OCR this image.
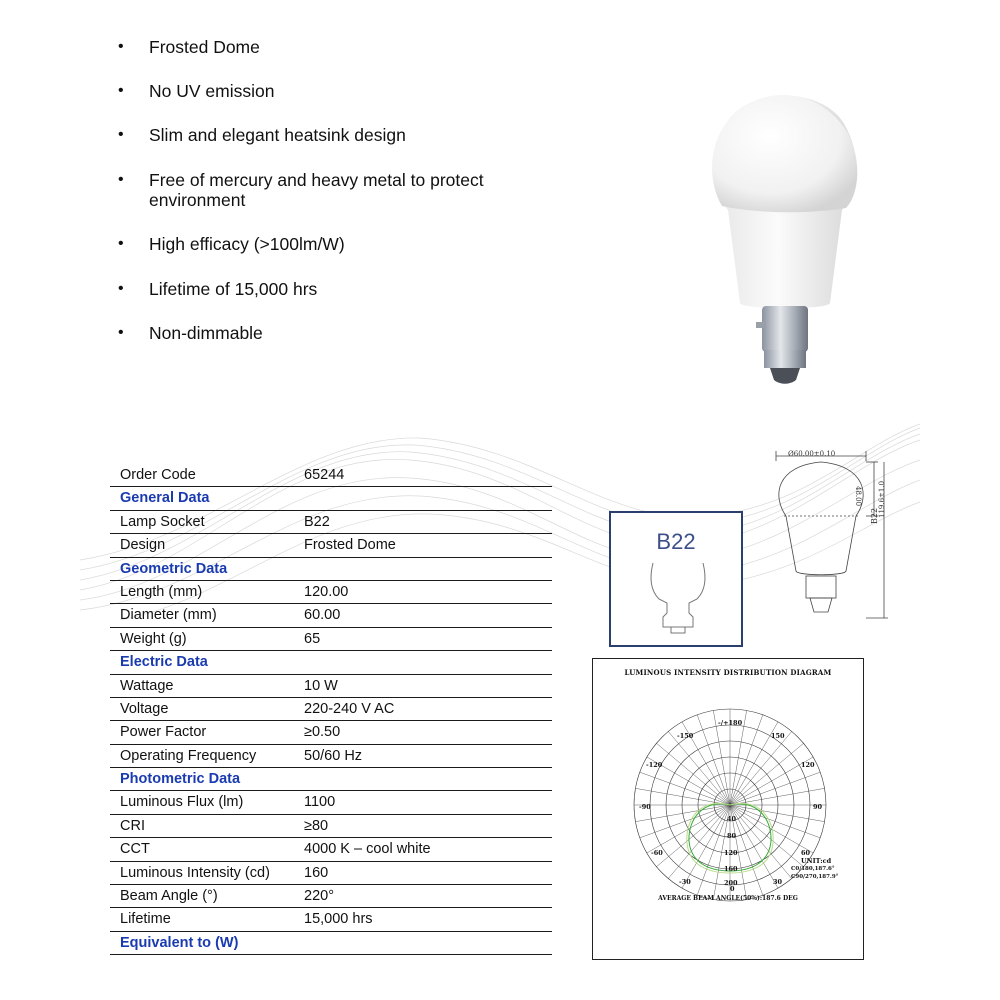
• Frosted Dome
• No UV emission
• Slim and elegant heatsink design
• Free of mercury and heavy metal to protect environment
• High efficacy (>100lm/W)
• Lifetime of 15,000 hrs
• Non-dimmable
Order Code	65244
General Data
Lamp Socket	B22
Design	Frosted Dome
Geometric Data
Length (mm)	120.00
Diameter (mm)	60.00
Weight (g)	65
Electric Data
Wattage	10 W
Voltage	220-240 V AC
Power Factor	≥0.50
Operating Frequency	50/60 Hz
Photometric Data
Luminous Flux (lm)	1100
CRI	≥80
CCT	4000 K – cool white
Luminous Intensity (cd) 160
Beam Angle (°)	220°
Lifetime	15,000 hrs
Equivalent to (W)
B22
Ø60.00±0.10
48.00 119.6±1.0
B22
LUMINOUS INTENSITY DISTRIBUTION DIAGRAM
-/+180
-150	150
-120	120
-90	90
-60	60
-30	30
0
40
80
120
160
200
UNIT:cd
C0/180,187.6°
C90/270,187.9°
AVERAGE BEAM ANGLE(50%):187.6 DEG
